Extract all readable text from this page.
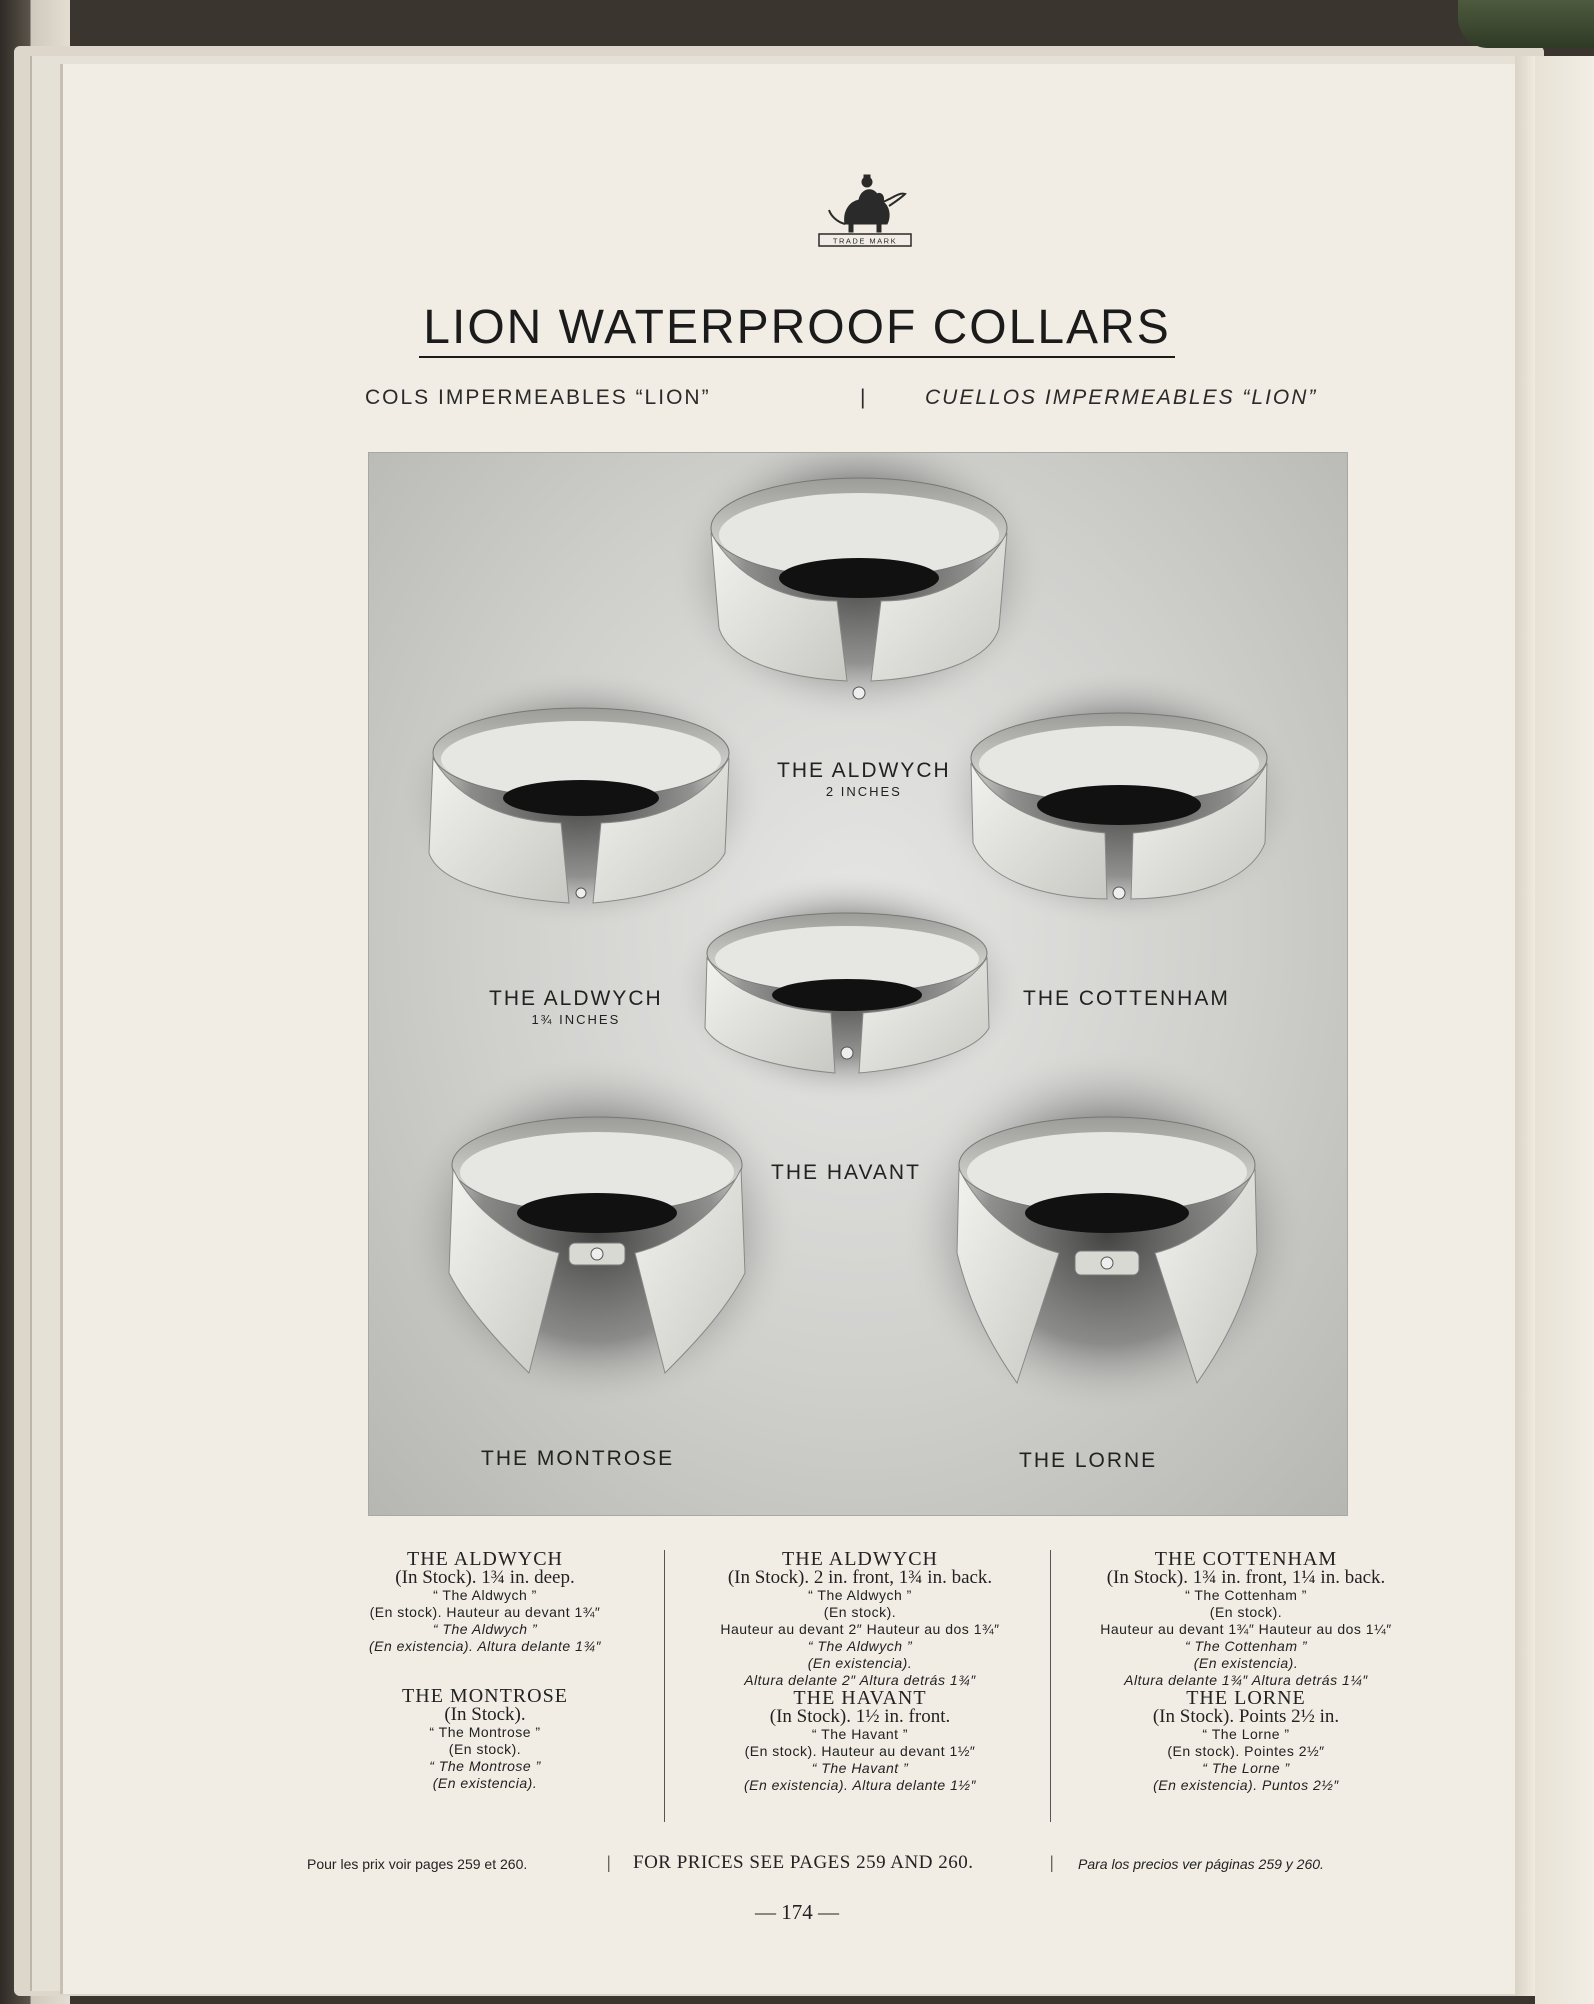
TRADE MARK
LION WATERPROOF COLLARS
COLS IMPERMEABLES “LION”	|	CUELLOS IMPERMEABLES “LION”
THE ALDWYCH
2 INCHES
THE ALDWYCH
1¾ INCHES
THE COTTENHAM
THE HAVANT
THE MONTROSE	THE LORNE
THE ALDWYCH
(In Stock). 1¾ in. deep.
“ The Aldwych ”
(En stock). Hauteur au devant 1¾″
“ The Aldwych ”
(En existencia). Altura delante 1¾″
THE MONTROSE
(In Stock).
“ The Montrose ”
(En stock).
“ The Montrose ”
(En existencia).
THE ALDWYCH
(In Stock). 2 in. front, 1¾ in. back.
“ The Aldwych ”
(En stock).
Hauteur au devant 2″ Hauteur au dos 1¾″
“ The Aldwych ”
(En existencia).
Altura delante 2″ Altura detrás 1¾″
THE HAVANT
(In Stock). 1½ in. front.
“ The Havant ”
(En stock). Hauteur au devant 1½″
“ The Havant ”
(En existencia). Altura delante 1½″
THE COTTENHAM
(In Stock). 1¾ in. front, 1¼ in. back.
“ The Cottenham ”
(En stock).
Hauteur au devant 1¾″ Hauteur au dos 1¼″
“ The Cottenham ”
(En existencia).
Altura delante 1¾″ Altura detrás 1¼″
THE LORNE
(In Stock). Points 2½ in.
“ The Lorne ”
(En stock). Pointes 2½″
“ The Lorne ”
(En existencia). Puntos 2½″
Pour les prix voir pages 259 et 260.	| FOR PRICES SEE PAGES 259 AND 260.	| Para los precios ver páginas 259 y 260.
— 174 —
